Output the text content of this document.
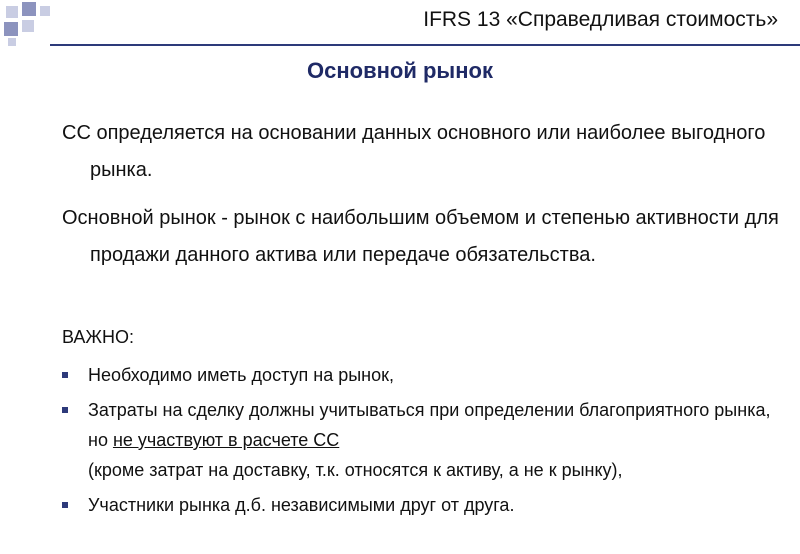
IFRS 13 «Справедливая стоимость»
Основной рынок
СС определяется на основании данных основного или наиболее выгодного рынка.
Основной рынок - рынок с наибольшим объемом и степенью активности для продажи данного актива или передаче обязательства.
ВАЖНО:
Необходимо иметь доступ на рынок,
Затраты на сделку должны учитываться при определении благоприятного рынка, но не участвуют в расчете СС
(кроме затрат на доставку, т.к. относятся к активу, а не к рынку),
Участники рынка д.б. независимыми друг от друга.
